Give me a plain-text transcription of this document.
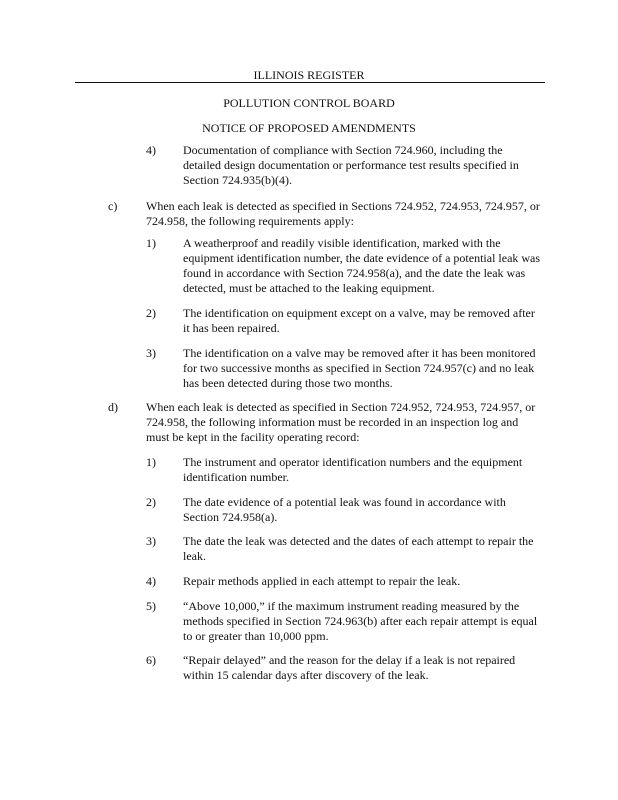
ILLINOIS REGISTER
POLLUTION CONTROL BOARD
NOTICE OF PROPOSED AMENDMENTS
4) Documentation of compliance with Section 724.960, including the
detailed design documentation or performance test results specified in
Section 724.935(b)(4).
c) When each leak is detected as specified in Sections 724.952, 724.953, 724.957, or
724.958, the following requirements apply:
1) A weatherproof and readily visible identification, marked with the
equipment identification number, the date evidence of a potential leak was
found in accordance with Section 724.958(a), and the date the leak was
detected, must be attached to the leaking equipment.
2) The identification on equipment except on a valve, may be removed after
it has been repaired.
3) The identification on a valve may be removed after it has been monitored
for two successive months as specified in Section 724.957(c) and no leak
has been detected during those two months.
d) When each leak is detected as specified in Section 724.952, 724.953, 724.957, or
724.958, the following information must be recorded in an inspection log and
must be kept in the facility operating record:
1) The instrument and operator identification numbers and the equipment
identification number.
2) The date evidence of a potential leak was found in accordance with
Section 724.958(a).
3) The date the leak was detected and the dates of each attempt to repair the
leak.
4) Repair methods applied in each attempt to repair the leak.
5) “Above 10,000,” if the maximum instrument reading measured by the
methods specified in Section 724.963(b) after each repair attempt is equal
to or greater than 10,000 ppm.
6) “Repair delayed” and the reason for the delay if a leak is not repaired
within 15 calendar days after discovery of the leak.
